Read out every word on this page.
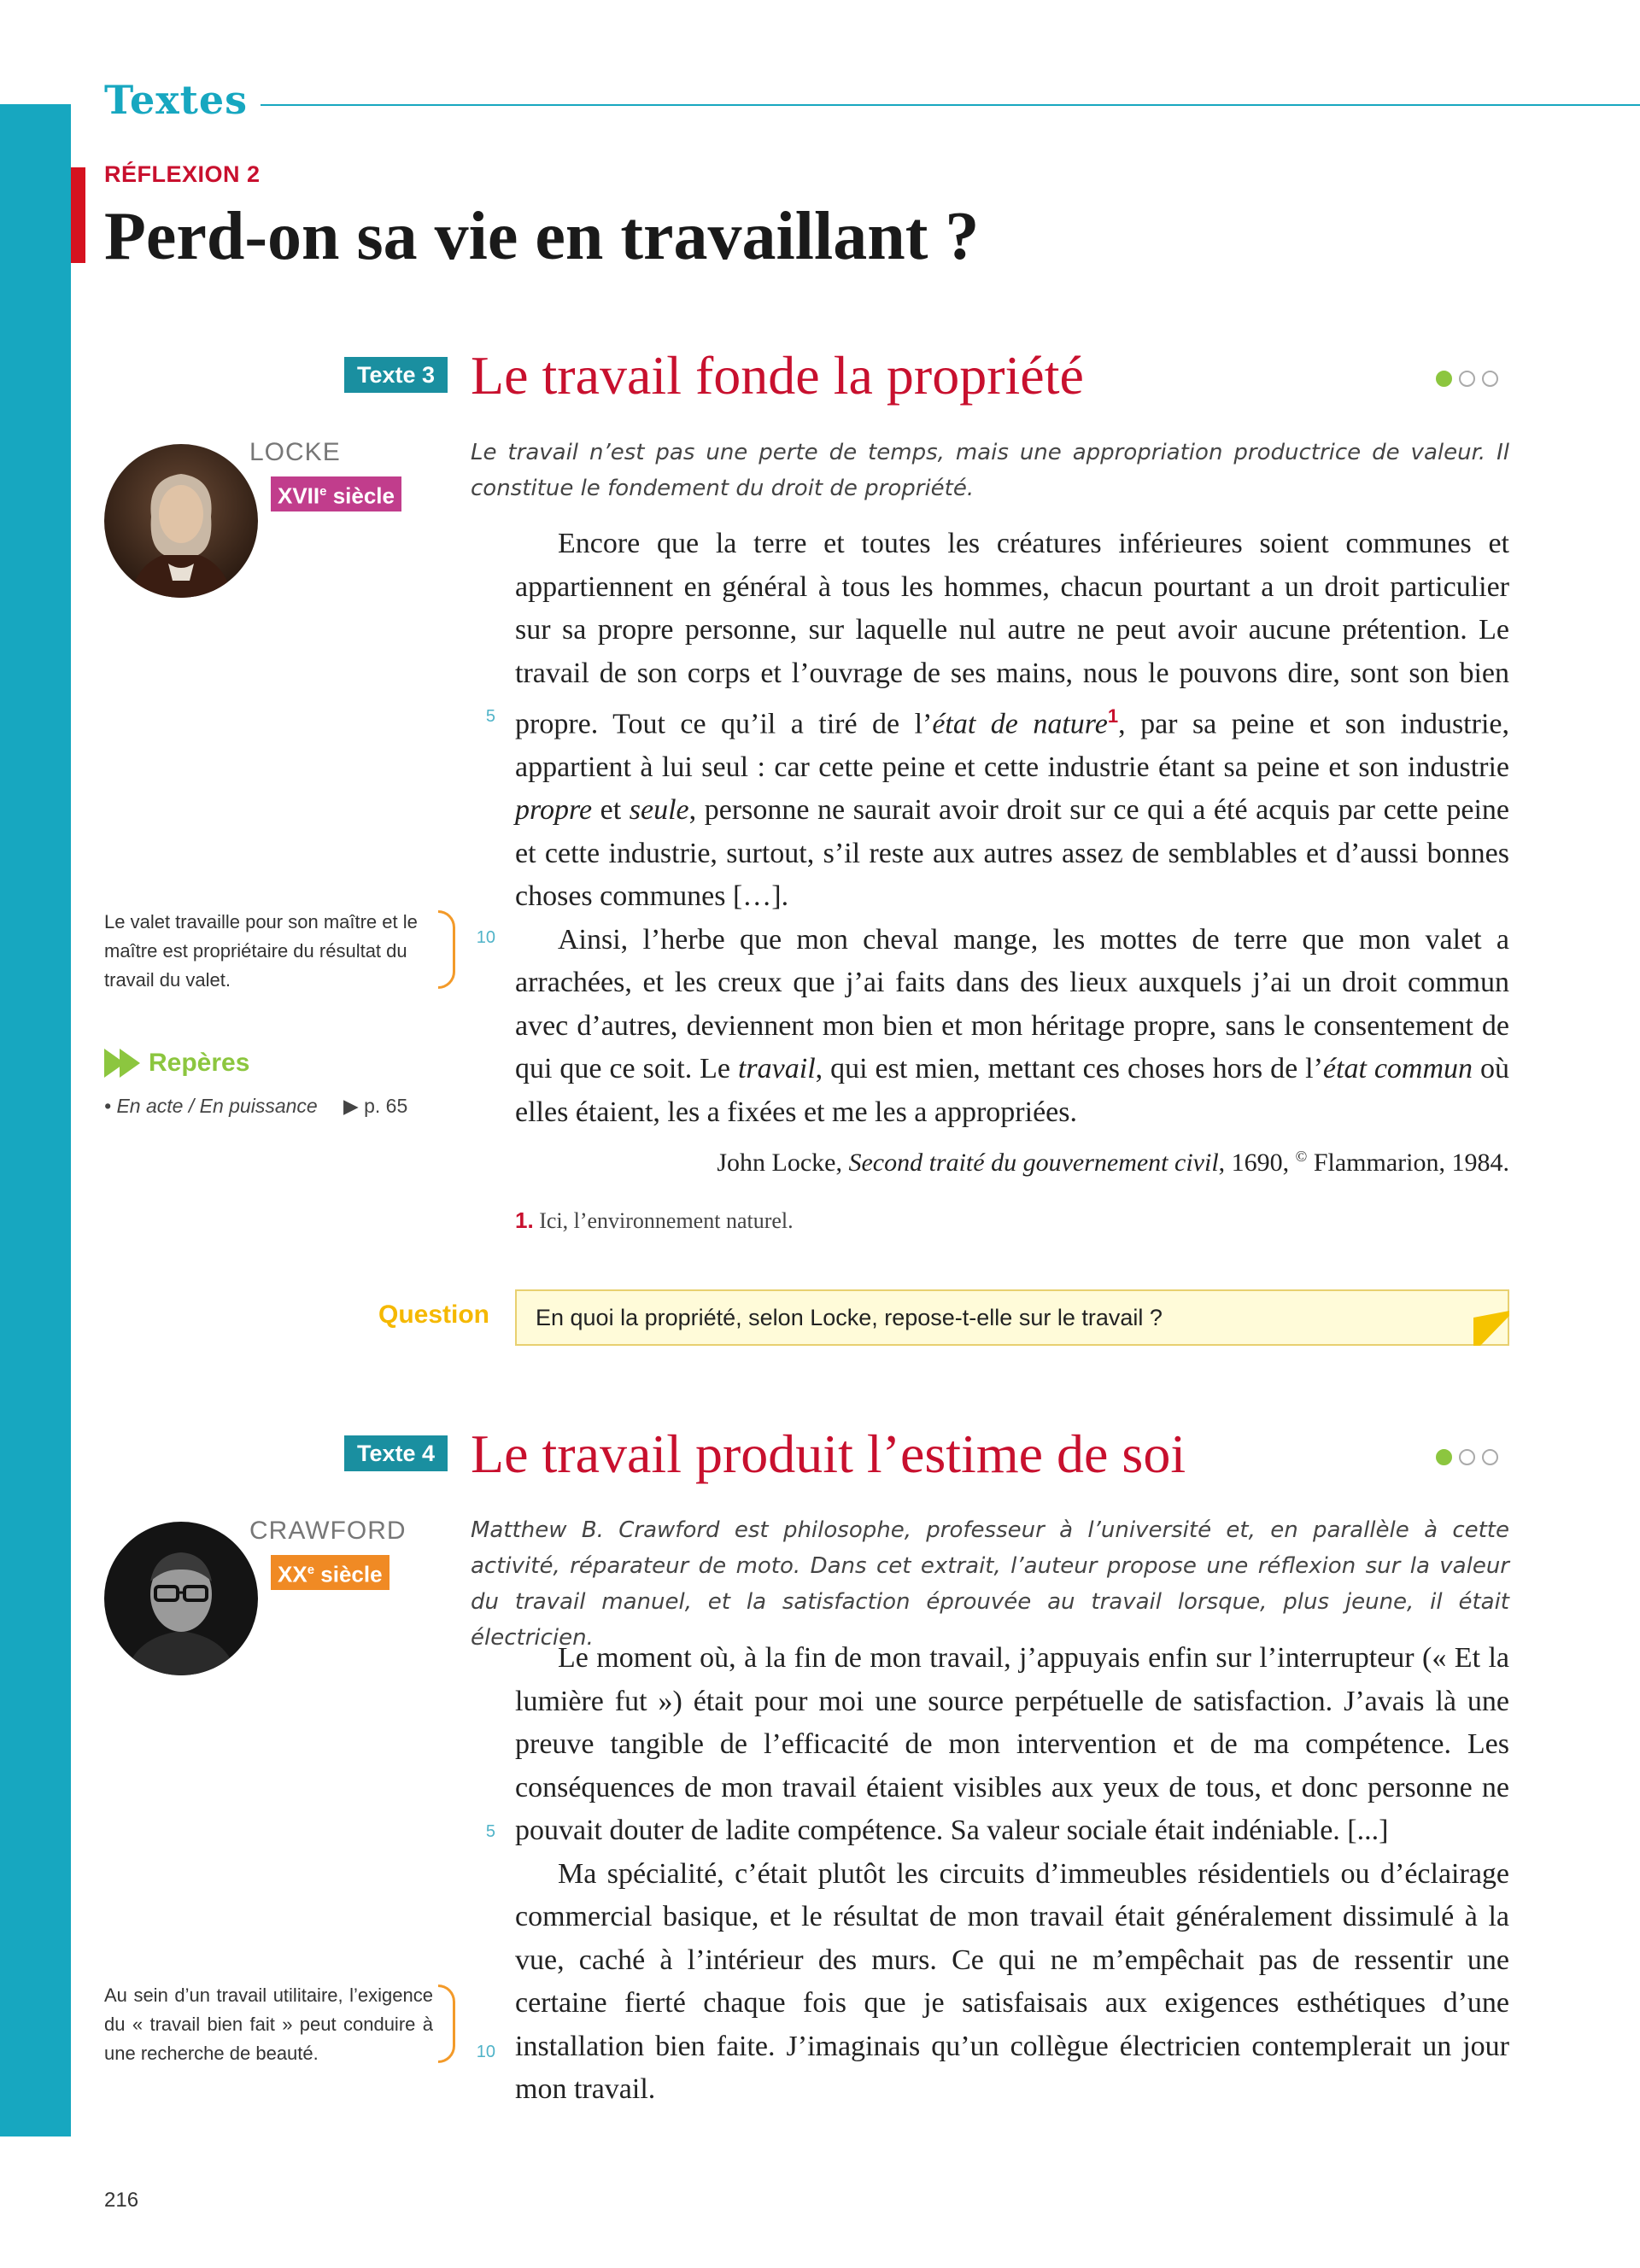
Textes
RÉFLEXION 2
Perd-on sa vie en travaillant ?
Texte 3 Le travail fonde la propriété
LOCKE
XVIIe siècle
Le travail n’est pas une perte de temps, mais une appropriation productrice de valeur. Il constitue le fondement du droit de propriété.

Encore que la terre et toutes les créatures inférieures soient communes et appartiennent en général à tous les hommes, chacun pourtant a un droit particulier sur sa propre personne, sur laquelle nul autre ne peut avoir aucune prétention. Le travail de son corps et l’ouvrage de ses mains, nous le pouvons dire, sont son bien propre. Tout ce qu’il a tiré de l’état de nature$^1$, par sa peine et son industrie, appartient à lui seul : car cette peine et cette industrie étant sa peine et son industrie propre et seule, personne ne saurait avoir droit sur ce qui a été acquis par cette peine et cette industrie, surtout, s’il reste aux autres assez de semblables et d’aussi bonnes choses communes […].

Ainsi, l’herbe que mon cheval mange, les mottes de terre que mon valet a arrachées, et les creux que j’ai faits dans des lieux auxquels j’ai un droit commun avec d’autres, deviennent mon bien et mon héritage propre, sans le consentement de qui que ce soit. Le travail, qui est mien, mettant ces choses hors de l’état commun où elles étaient, les a fixées et me les a appropriées.

5
10
Le valet travaille pour son maître et le maître est propriétaire du résultat du travail du valet.
Repères
• En acte / En puissance ▶ p. 65
John Locke, Second traité du gouvernement civil, 1690, © Flammarion, 1984.
1. Ici, l’environnement naturel.
Question En quoi la propriété, selon Locke, repose-t-elle sur le travail ?
Texte 4 Le travail produit l’estime de soi
CRAWFORD
XXe siècle
Matthew B. Crawford est philosophe, professeur à l’université et, en parallèle à cette activité, réparateur de moto. Dans cet extrait, l’auteur propose une réflexion sur la valeur du travail manuel, et la satisfaction éprouvée au travail lorsque, plus jeune, il était électricien.

Le moment où, à la fin de mon travail, j’appuyais enfin sur l’interrupteur (« Et la lumière fut ») était pour moi une source perpétuelle de satisfaction. J’avais là une preuve tangible de l’efficacité de mon intervention et de ma compétence. Les conséquences de mon travail étaient visibles aux yeux de tous, et donc personne ne pouvait douter de ladite compétence. Sa valeur sociale était indéniable. [...]

Ma spécialité, c’était plutôt les circuits d’immeubles résidentiels ou d’éclairage commercial basique, et le résultat de mon travail était généralement dissimulé à la vue, caché à l’intérieur des murs. Ce qui ne m’empêchait pas de ressentir une certaine fierté chaque fois que je satisfaisais aux exigences esthétiques d’une installation bien faite. J’imaginais qu’un collègue électricien contemplerait un jour mon travail.

5
10
Au sein d’un travail utilitaire, l’exigence du « travail bien fait » peut conduire à une recherche de beauté.
216
